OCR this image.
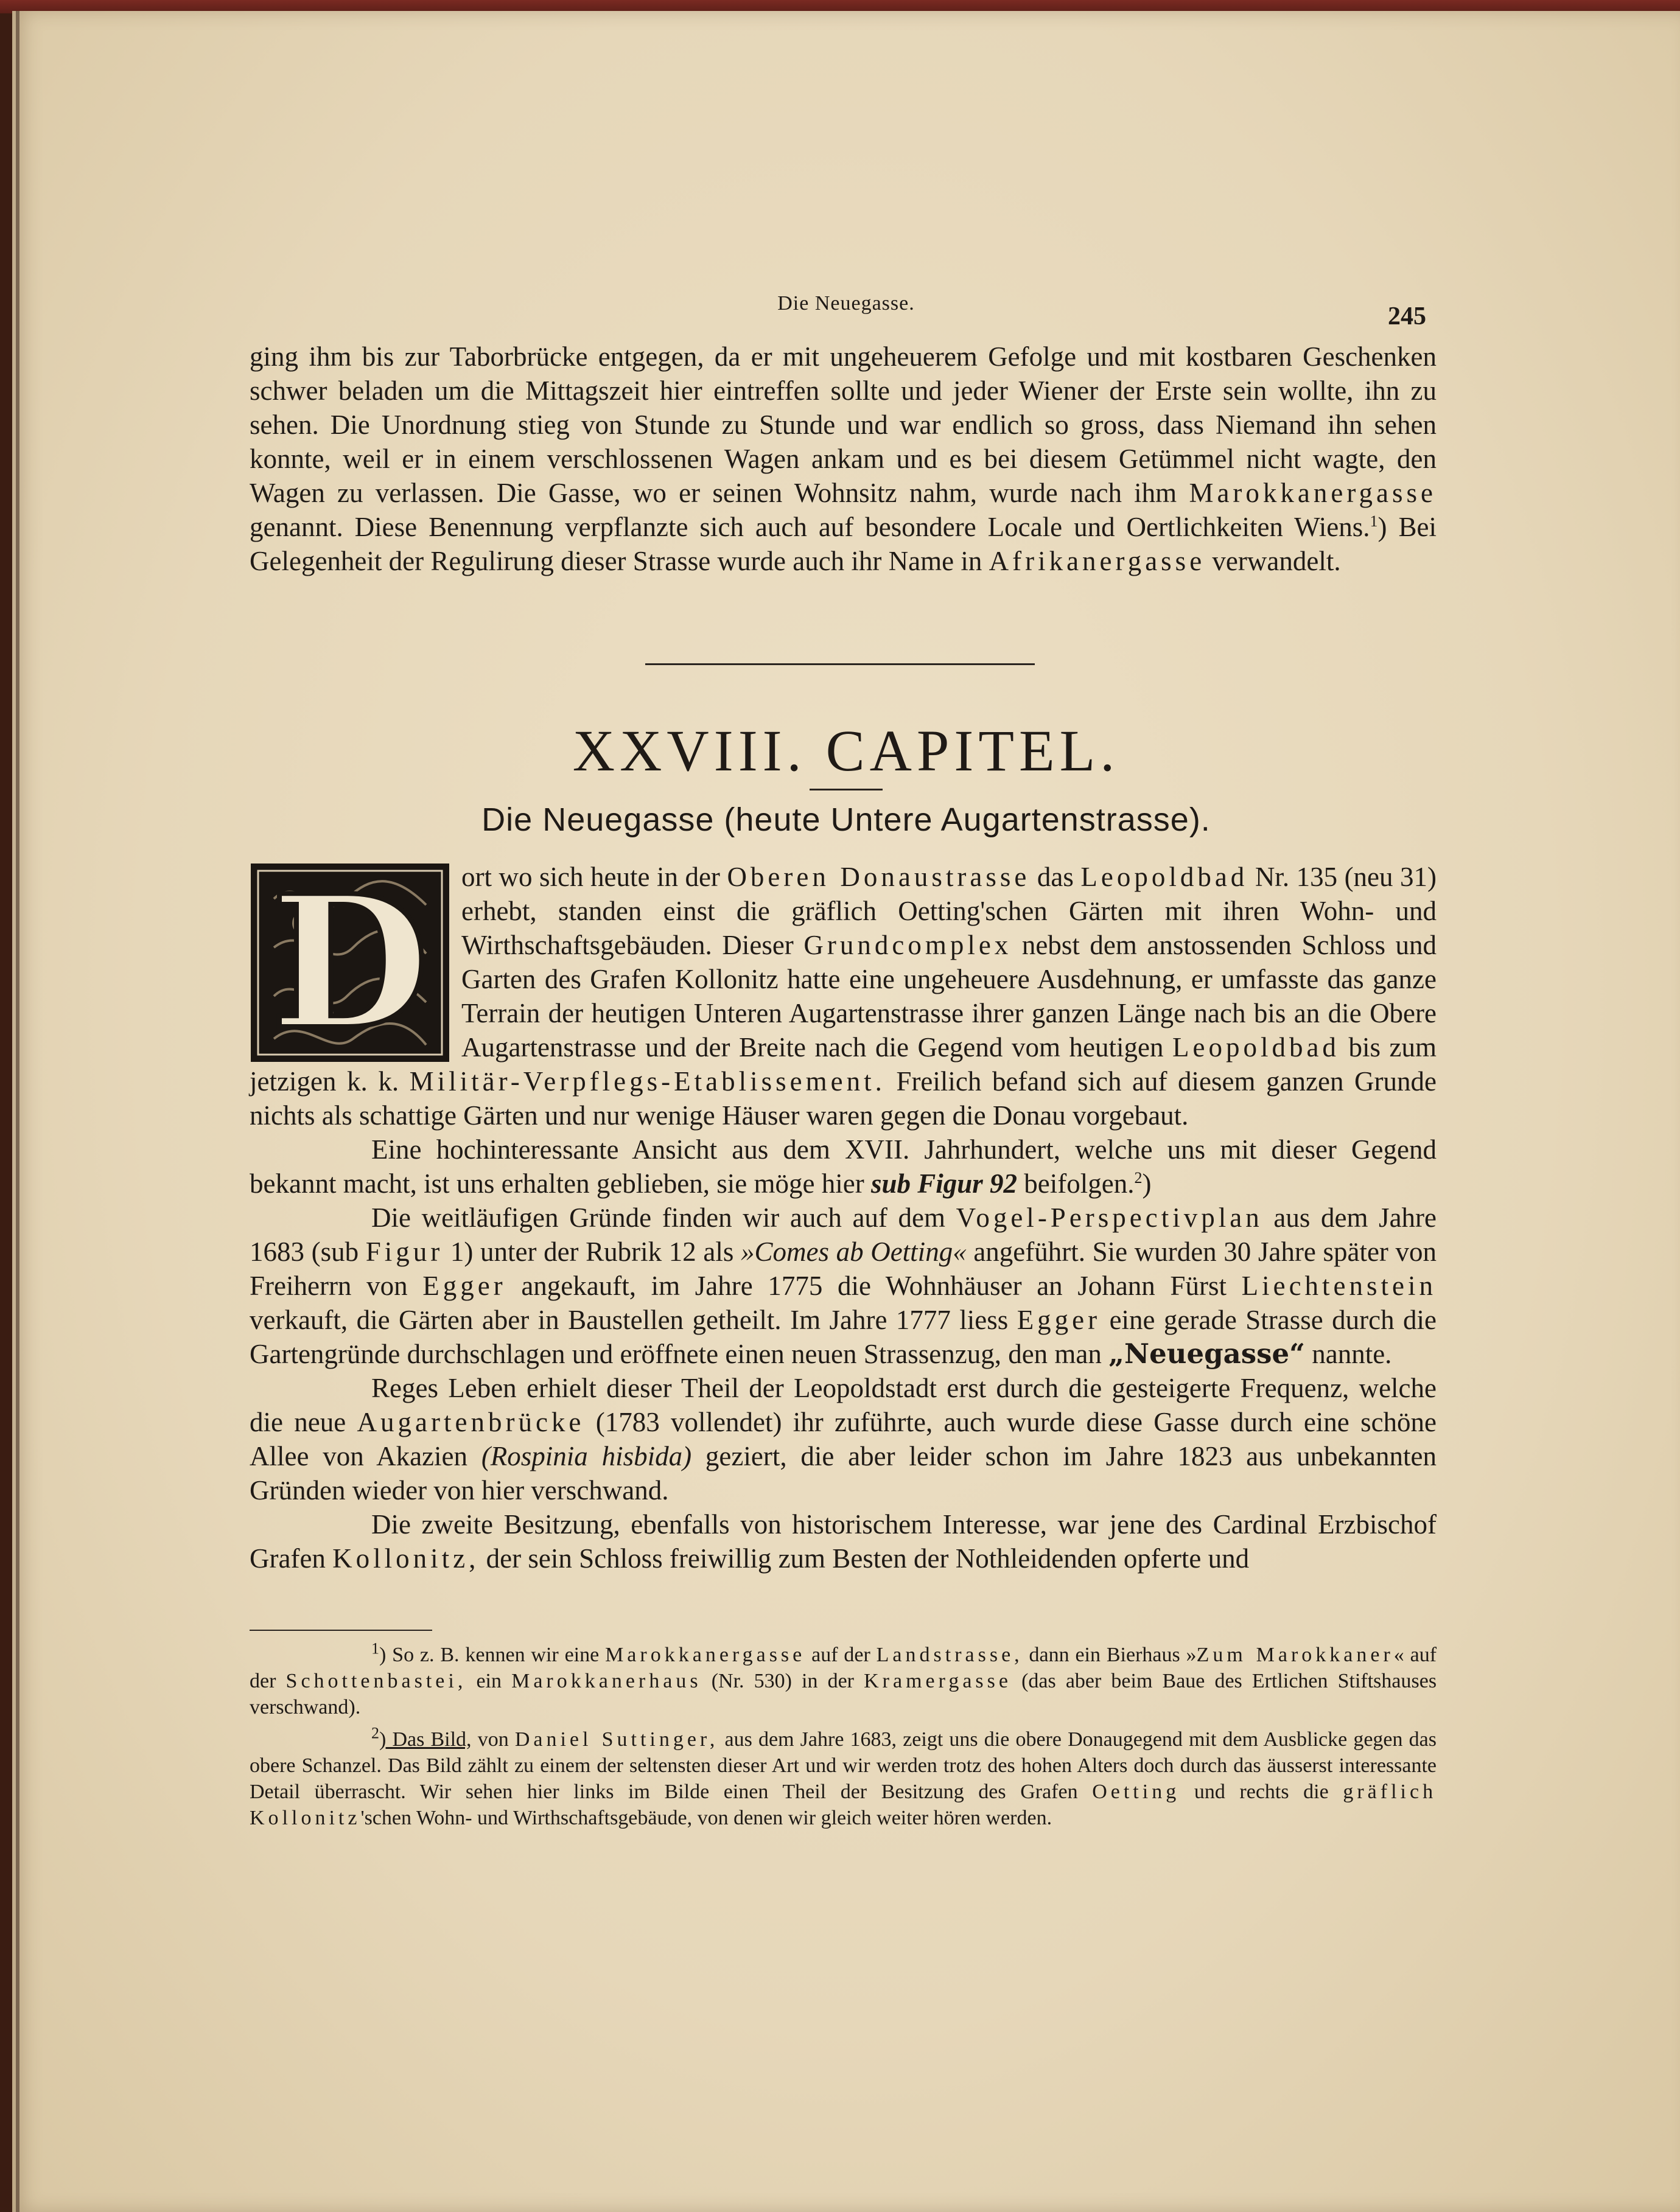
Die Neuegasse.	245

ging ihm bis zur Taborbrücke entgegen, da er mit ungeheuerem Gefolge und mit kostbaren Geschenken schwer beladen um die Mittagszeit hier eintreffen sollte und jeder Wiener der Erste sein wollte, ihn zu sehen. Die Unordnung stieg von Stunde zu Stunde und war endlich so gross, dass Niemand ihn sehen konnte, weil er in einem verschlossenen Wagen ankam und es bei diesem Getümmel nicht wagte, den Wagen zu verlassen. Die Gasse, wo er seinen Wohnsitz nahm, wurde nach ihm Marokkanergasse genannt. Diese Benennung verpflanzte sich auch auf besondere Locale und Oertlichkeiten Wiens.$^1$) Bei Gelegenheit der Regulirung dieser Strasse wurde auch ihr Name in Afrikanergasse verwandelt.

XXVIII. CAPITEL.
Die Neuegasse (heute Untere Augartenstrasse).
D	ort wo sich heute in der Oberen Donaustrasse das Leopoldbad Nr. 135 (neu 31) erhebt, standen einst die gräflich Oetting'schen Gärten mit ihren Wohn- und Wirthschaftsgebäuden. Dieser Grundcomplex nebst dem anstossenden Schloss und Garten des Grafen Kollonitz hatte eine ungeheuere Ausdehnung, er umfasste das ganze Terrain der heutigen Unteren Augartenstrasse ihrer ganzen Länge nach bis an die Obere Augartenstrasse und der Breite nach die Gegend vom heutigen Leopoldbad bis zum jetzigen k. k. Militär-Verpflegs-Etablissement. Freilich befand sich auf diesem ganzen Grunde nichts als schattige Gärten und nur wenige Häuser waren gegen die Donau vorgebaut.

Eine hochinteressante Ansicht aus dem XVII. Jahrhundert, welche uns mit dieser Gegend bekannt macht, ist uns erhalten geblieben, sie möge hier sub Figur 92 beifolgen.$^2$)

Die weitläufigen Gründe finden wir auch auf dem Vogel-Perspectivplan aus dem Jahre 1683 (sub Figur 1) unter der Rubrik 12 als »Comes ab Oetting« angeführt. Sie wurden 30 Jahre später von Freiherrn von Egger angekauft, im Jahre 1775 die Wohnhäuser an Johann Fürst Liechtenstein verkauft, die Gärten aber in Baustellen getheilt. Im Jahre 1777 liess Egger eine gerade Strasse durch die Gartengründe durchschlagen und eröffnete einen neuen Strassenzug, den man „Neuegasse“ nannte.

Reges Leben erhielt dieser Theil der Leopoldstadt erst durch die gesteigerte Frequenz, welche die neue Augartenbrücke (1783 vollendet) ihr zuführte, auch wurde diese Gasse durch eine schöne Allee von Akazien (Rospinia hisbida) geziert, die aber leider schon im Jahre 1823 aus unbekannten Gründen wieder von hier verschwand.

Die zweite Besitzung, ebenfalls von historischem Interesse, war jene des Cardinal Erzbischof Grafen Kollonitz, der sein Schloss freiwillig zum Besten der Nothleidenden opferte und

$^1$) So z. B. kennen wir eine Marokkanergasse auf der Landstrasse, dann ein Bierhaus »Zum Marokkaner« auf der Schottenbastei, ein Marokkanerhaus (Nr. 530) in der Kramergasse (das aber beim Baue des Ertlichen Stiftshauses verschwand).

$^2$) Das Bild, von Daniel Suttinger, aus dem Jahre 1683, zeigt uns die obere Donaugegend mit dem Ausblicke gegen das obere Schanzel. Das Bild zählt zu einem der seltensten dieser Art und wir werden trotz des hohen Alters doch durch das äusserst interessante Detail überrascht. Wir sehen hier links im Bilde einen Theil der Besitzung des Grafen Oetting und rechts die gräflich Kollonitz'schen Wohn- und Wirthschaftsgebäude, von denen wir gleich weiter hören werden.
